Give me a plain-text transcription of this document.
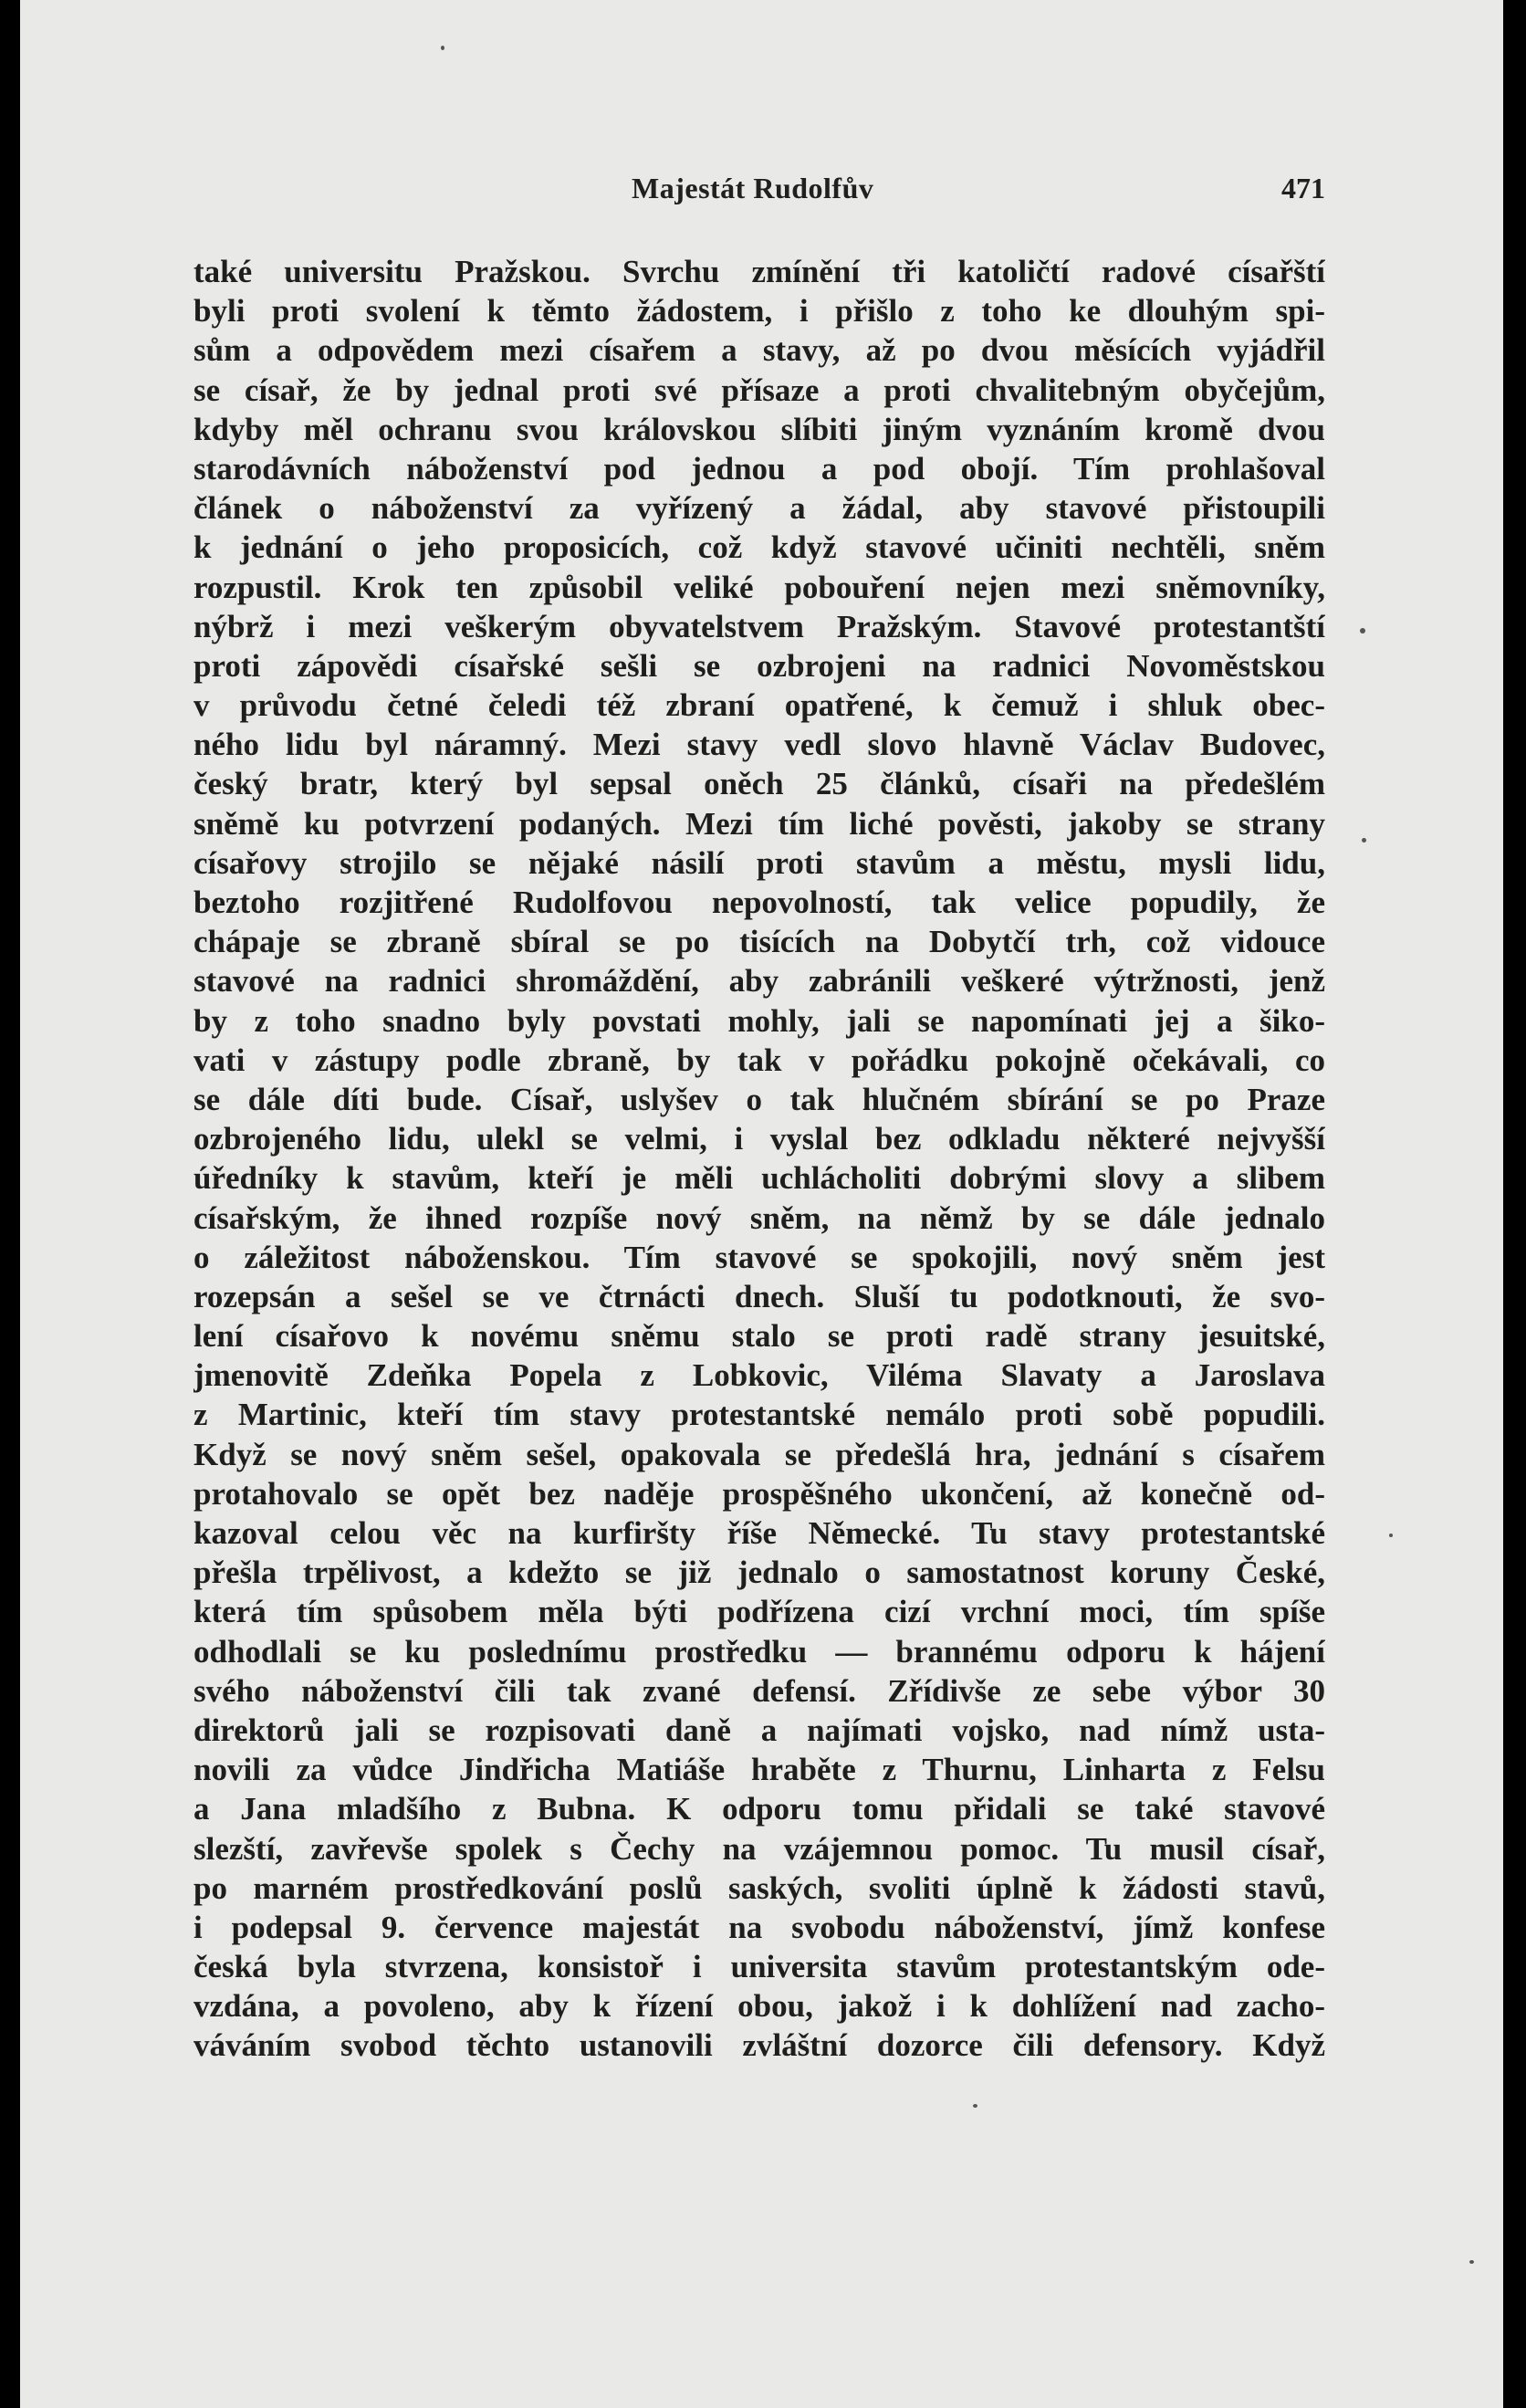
Majestát Rudolfův	471
také universitu Pražskou. Svrchu zmínění tři katoličtí radové císařští
byli proti svolení k těmto žádostem, i přišlo z toho ke dlouhým spi-
sům a odpovědem mezi císařem a stavy, až po dvou měsících vyjádřil
se císař, že by jednal proti své přísaze a proti chvalitebným obyčejům,
kdyby měl ochranu svou královskou slíbiti jiným vyznáním kromě dvou
starodávních náboženství pod jednou a pod obojí. Tím prohlašoval
článek o náboženství za vyřízený a žádal, aby stavové přistoupili
k jednání o jeho proposicích, což když stavové učiniti nechtěli, sněm
rozpustil. Krok ten způsobil veliké pobouření nejen mezi sněmovníky,
nýbrž i mezi veškerým obyvatelstvem Pražským. Stavové protestantští
proti zápovědi císařské sešli se ozbrojeni na radnici Novoměstskou
v průvodu četné čeledi též zbraní opatřené, k čemuž i shluk obec-
ného lidu byl náramný. Mezi stavy vedl slovo hlavně Václav Budovec,
český bratr, který byl sepsal oněch 25 článků, císaři na předešlém
sněmě ku potvrzení podaných. Mezi tím liché pověsti, jakoby se strany
císařovy strojilo se nějaké násilí proti stavům a městu, mysli lidu,
beztoho rozjitřené Rudolfovou nepovolností, tak velice popudily, že
chápaje se zbraně sbíral se po tisících na Dobytčí trh, což vidouce
stavové na radnici shromáždění, aby zabránili veškeré výtržnosti, jenž
by z toho snadno byly povstati mohly, jali se napomínati jej a šiko-
vati v zástupy podle zbraně, by tak v pořádku pokojně očekávali, co
se dále díti bude. Císař, uslyšev o tak hlučném sbírání se po Praze
ozbrojeného lidu, ulekl se velmi, i vyslal bez odkladu některé nejvyšší
úředníky k stavům, kteří je měli uchlácholiti dobrými slovy a slibem
císařským, že ihned rozpíše nový sněm, na němž by se dále jednalo
o záležitost náboženskou. Tím stavové se spokojili, nový sněm jest
rozepsán a sešel se ve čtrnácti dnech. Sluší tu podotknouti, že svo-
lení císařovo k novému sněmu stalo se proti radě strany jesuitské,
jmenovitě Zdeňka Popela z Lobkovic, Viléma Slavaty a Jaroslava
z Martinic, kteří tím stavy protestantské nemálo proti sobě popudili.
Když se nový sněm sešel, opakovala se předešlá hra, jednání s císařem
protahovalo se opět bez naděje prospěšného ukončení, až konečně od-
kazoval celou věc na kurfiršty říše Německé. Tu stavy protestantské
přešla trpělivost, a kdežto se již jednalo o samostatnost koruny České,
která tím spůsobem měla býti podřízena cizí vrchní moci, tím spíše
odhodlali se ku poslednímu prostředku — brannému odporu k hájení
svého náboženství čili tak zvané defensí. Zřídivše ze sebe výbor 30
direktorů jali se rozpisovati daně a najímati vojsko, nad nímž usta-
novili za vůdce Jindřicha Matiáše hraběte z Thurnu, Linharta z Felsu
a Jana mladšího z Bubna. K odporu tomu přidali se také stavové
slezští, zavřevše spolek s Čechy na vzájemnou pomoc. Tu musil císař,
po marném prostředkování poslů saských, svoliti úplně k žádosti stavů,
i podepsal 9. července majestát na svobodu náboženství, jímž konfese
česká byla stvrzena, konsistoř i universita stavům protestantským ode-
vzdána, a povoleno, aby k řízení obou, jakož i k dohlížení nad zacho-
váváním svobod těchto ustanovili zvláštní dozorce čili defensory. Když
